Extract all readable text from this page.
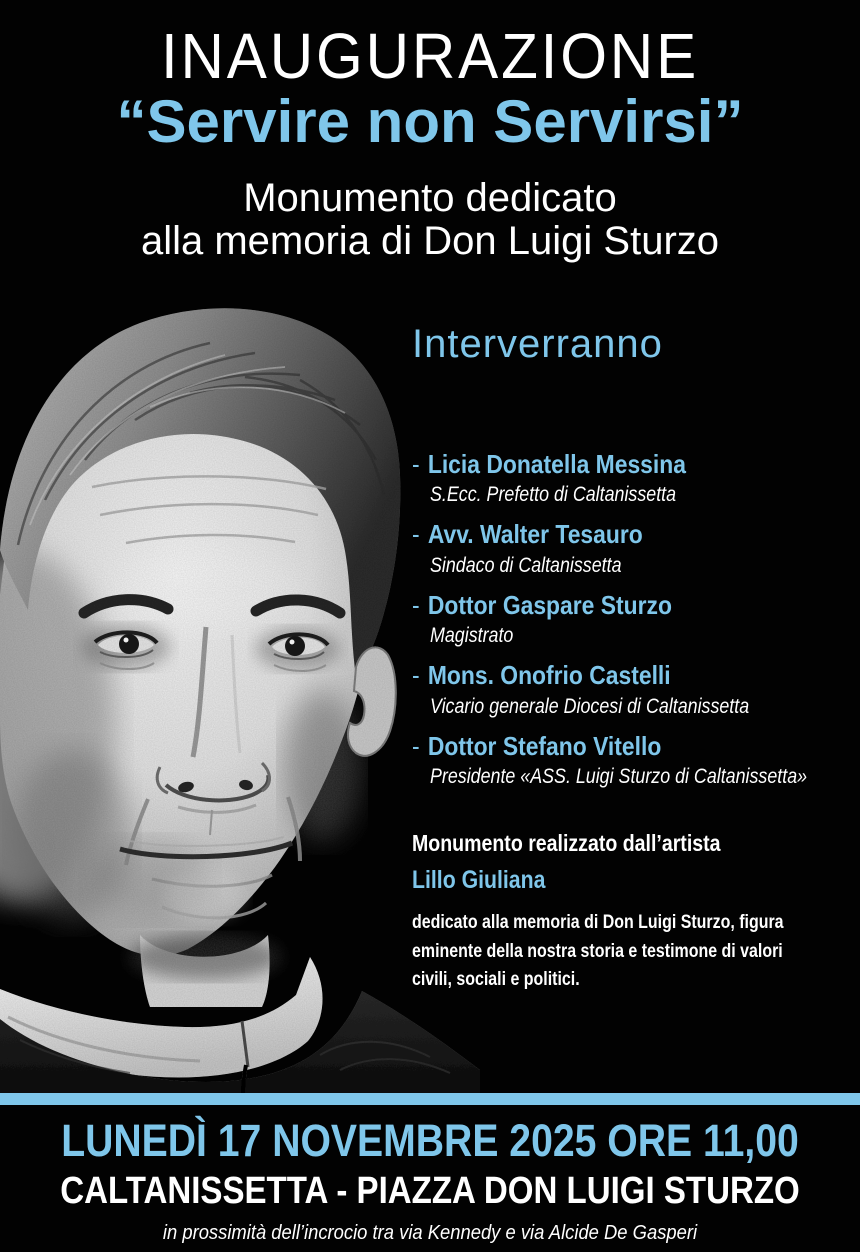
INAUGURAZIONE
“Servire non Servirsi”
Monumento dedicato
alla memoria di Don Luigi Sturzo
Interverranno
- Licia Donatella Messina
S.Ecc. Prefetto di Caltanissetta
- Avv. Walter Tesauro
Sindaco di Caltanissetta
- Dottor Gaspare Sturzo
Magistrato
- Mons. Onofrio Castelli
Vicario generale Diocesi di Caltanissetta
- Dottor Stefano Vitello
Presidente «ASS. Luigi Sturzo di Caltanissetta»
Monumento realizzato dall’artista
Lillo Giuliana
dedicato alla memoria di Don Luigi Sturzo, figura
eminente della nostra storia e testimone di valori
civili, sociali e politici.
LUNEDÌ 17 NOVEMBRE 2025 ORE 11,00
CALTANISSETTA - PIAZZA DON LUIGI STURZO
in prossimità dell’incrocio tra via Kennedy e via Alcide De Gasperi
